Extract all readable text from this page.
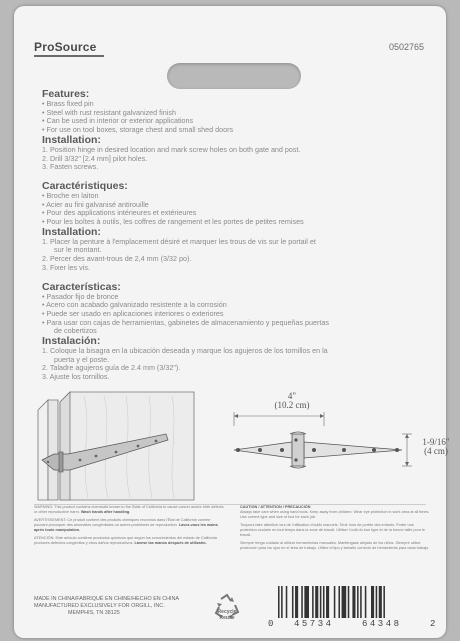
ProSource	0502765

Features:

• Brass fixed pin

• Steel with rust resistant galvanized finish

• Can be used in interior or exterior applications

• For use on tool boxes, storage chest and small shed doors

Installation:

1. Position hinge in desired location and mark screw holes on both gate and post.

2. Drill 3/32" [2.4 mm] pilot holes.

3. Fasten screws.

Caractéristiques:

• Broche en laiton

• Acier au fini galvanisé antirouille

• Pour des applications intérieures et extérieures

• Pour les boîtes à outils, les coffres de rangement et les portes de petites remises

Installation:

1. Placer la penture à l'emplacement désiré et marquer les trous de vis sur le portail et

sur le montant.

2. Percer des avant-trous de 2,4 mm (3/32 po).

3. Fixer les vis.

Características:

• Pasador fijo de bronce

• Acero con acabado galvanizado resistente a la corrosión

• Puede ser usado en aplicaciones interiores o exteriores

• Para usar con cajas de herramientas, gabinetes de almacenamiento y pequeñas puertas

de cobertizos

Instalación:

1. Coloque la bisagra en la ubicación deseada y marque los agujeros de los tornillos en la

puerta y el poste.

2. Taladre agujeros guía de 2.4 mm (3/32").

3. Ajuste los tornillos.

4"
(10.2 cm)
1-9/16"
(4 cm)
WARNING: This product contains chemicals known to the State of California to cause cancer and/or birth defects or other reproductive harm. Wash hands after handling.
AVERTISSEMENT: Ce produit contient des produits chimiques reconnus dans l'État de Californie comme pouvant provoquer des anomalies congénitales ou autres problèmes de reproduction. Lavez-vous les mains après toute manipulation.
ATENCIÓN: Este artículo contiene productos químicos que según los conocimientos del estado de California producen defectos congénitos y otros daños reproductivos. Lávese las manos después de utilizarlo.
CAUTION / ATTENTION / PRECAUCIÓN
Always take care when using hand tools. Keep away from children. Wear eye protection in work area at all times. Use correct type and size of tool for each job.
Toujours faire attention lors de l'utilisation d'outils manuels. Tenir hors de portée des enfants. Porter une protection oculaire en tout temps dans la zone de travail. Utiliser l'outil du bon type et de la bonne taille pour le travail.
Siempre tenga cuidado al utilizar herramientas manuales. Manténgase alejado de los niños. Siempre utilice protección para los ojos en el área de trabajo. Utilice el tipo y tamaño correcto de herramienta para cada trabajo.
MADE IN CHINA/FABRIQUÉ EN CHINE/HECHO EN CHINA
MANUFACTURED EXCLUSIVELY FOR ORGILL, INC.
MEMPHIS, TN 38125	Recycle
Reuse
0 45734	64348	2
